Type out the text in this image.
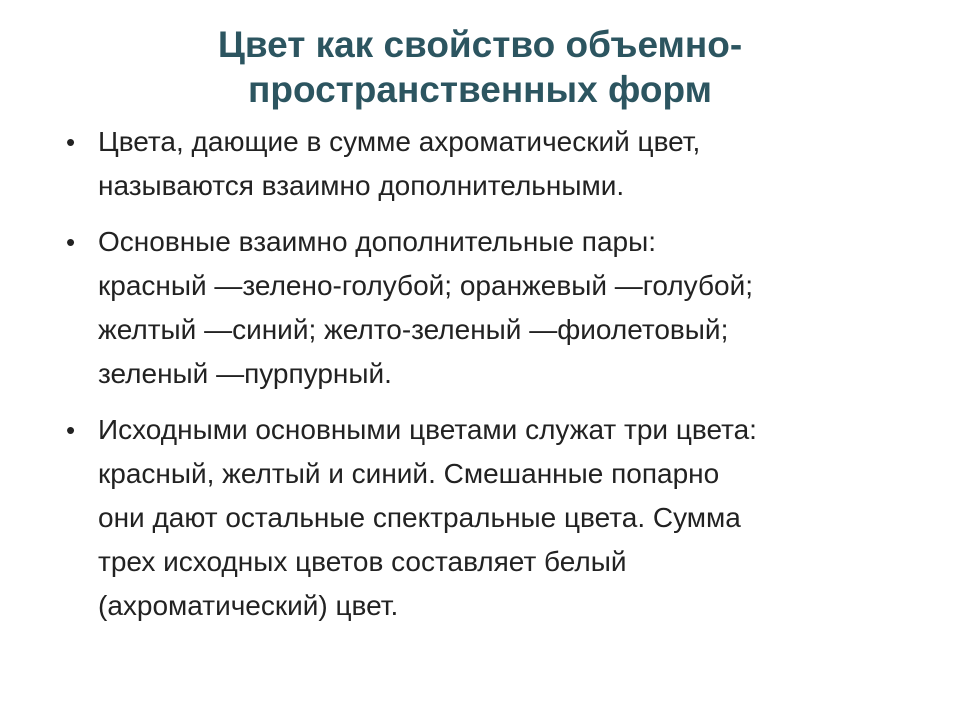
Цвет как свойство объемно-
пространственных форм
• Цвета, дающие в сумме ахроматический цвет,
называются взаимно дополнительными.
• Основные взаимно дополнительные пары:
красный —зелено-голубой; оранжевый —голубой;
желтый —синий; желто-зеленый —фиолетовый;
зеленый —пурпурный.
• Исходными основными цветами служат три цвета:
красный, желтый и синий. Смешанные попарно
они дают остальные спектральные цвета. Сумма
трех исходных цветов составляет белый
(ахроматический) цвет.
